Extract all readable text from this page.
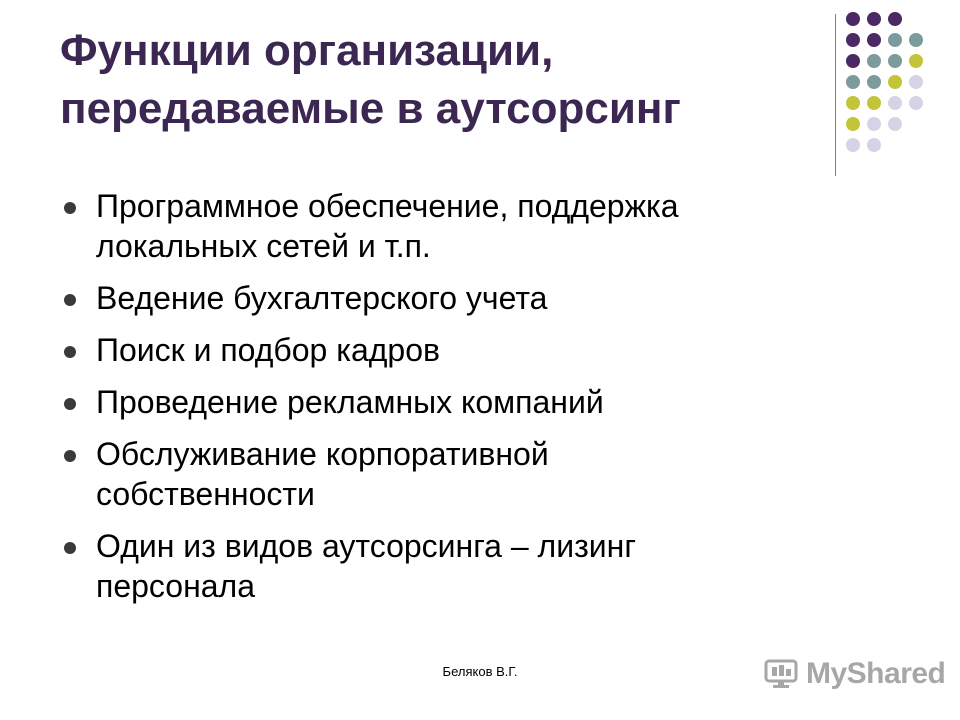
Функции организации,
передаваемые в аутсорсинг
Программное обеспечение, поддержка
локальных сетей и т.п.
Ведение бухгалтерского учета
Поиск и подбор кадров
Проведение рекламных компаний
Обслуживание корпоративной
собственности
Один из видов аутсорсинга – лизинг
персонала
Беляков В.Г.	MyShared
